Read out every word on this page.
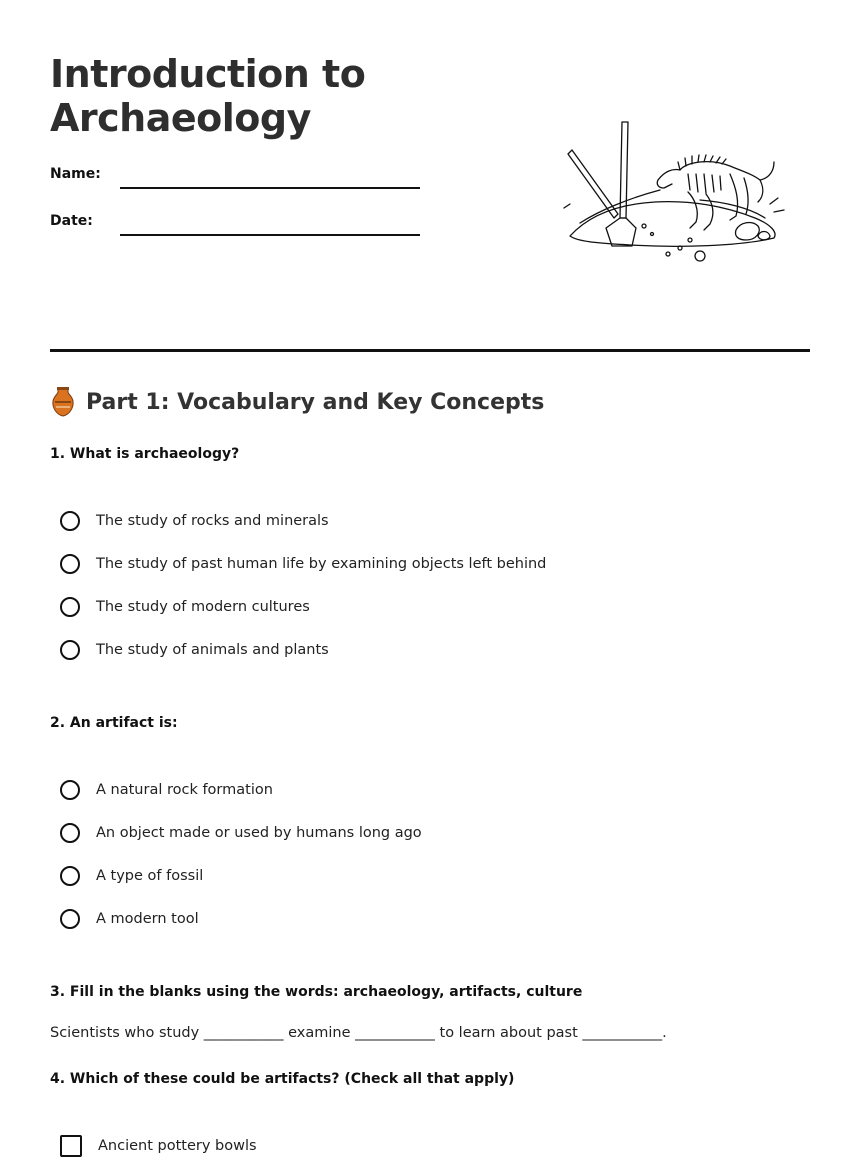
Introduction to Archaeology
Name:
Date:
Part 1: Vocabulary and Key Concepts

1. What is archaeology?

The study of rocks and minerals
The study of past human life by examining objects left behind
The study of modern cultures
The study of animals and plants

2. An artifact is:

A natural rock formation
An object made or used by humans long ago
A type of fossil
A modern tool

3. Fill in the blanks using the words: archaeology, artifacts, culture

Scientists who study ___________ examine ___________ to learn about past ___________.

4. Which of these could be artifacts? (Check all that apply)

Ancient pottery bowls
